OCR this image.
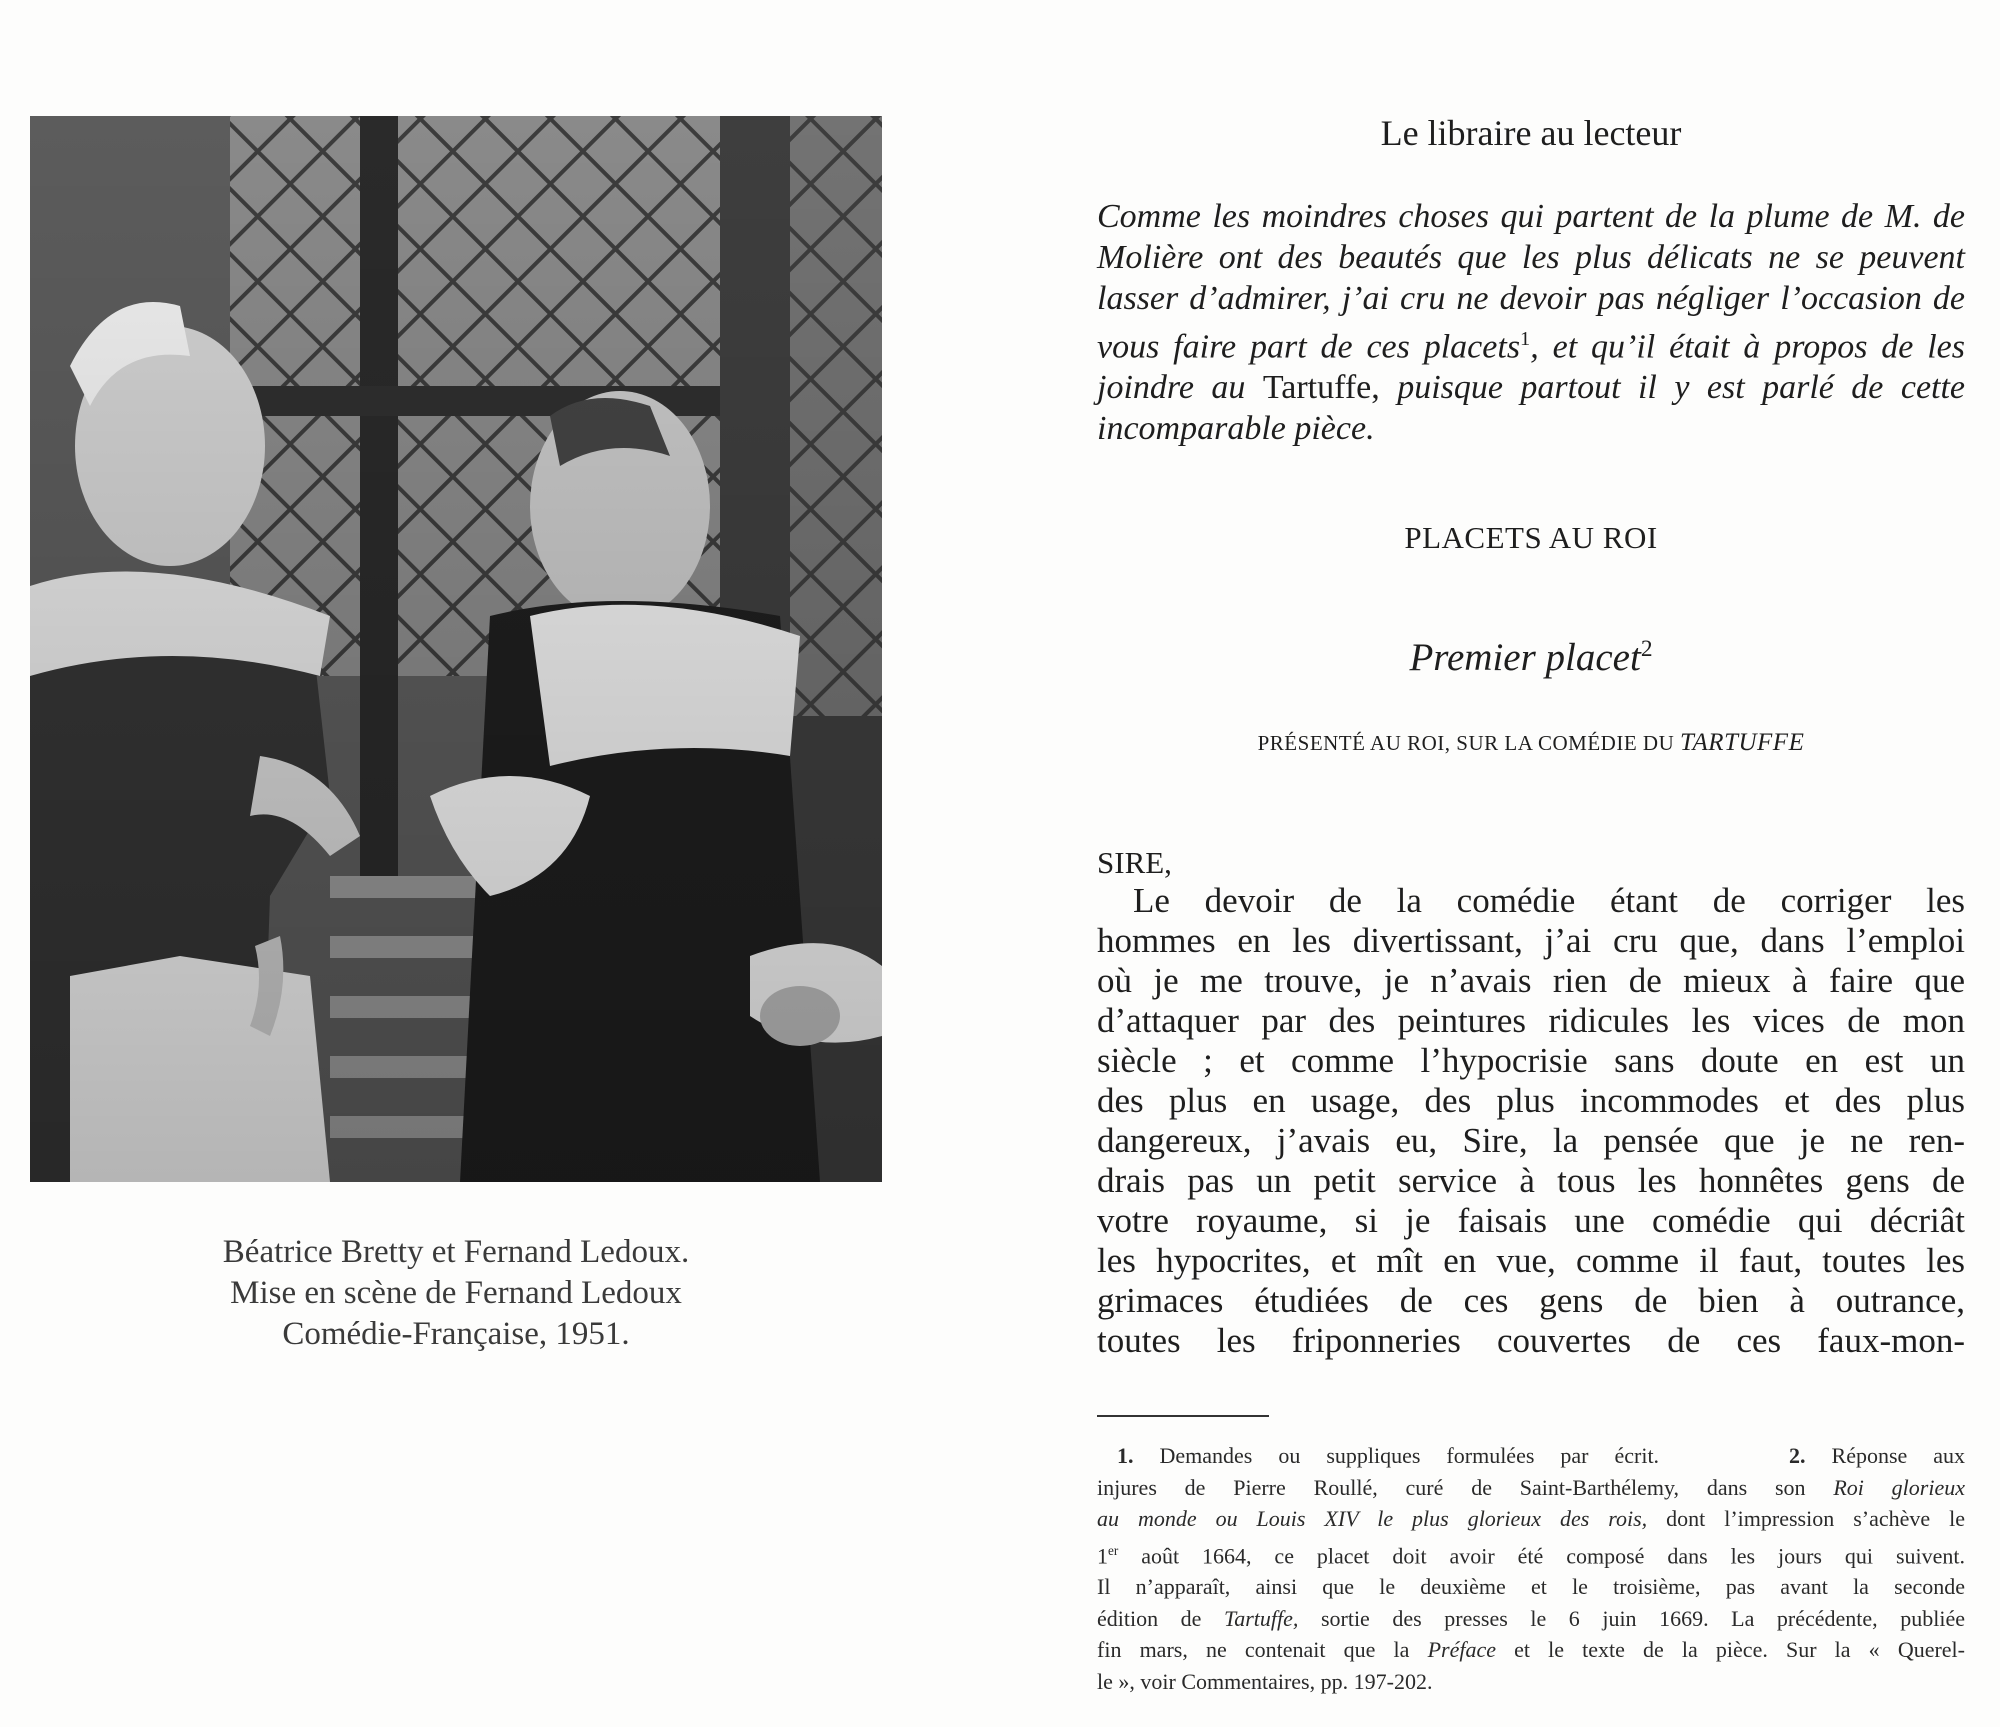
Béatrice Bretty et Fernand Ledoux.
Mise en scène de Fernand Ledoux
Comédie-Française, 1951.
Le libraire au lecteur
Comme les moindres choses qui partent de la plume de M. de Molière ont des beautés que les plus délicats ne se peuvent lasser d’admirer, j’ai cru ne devoir pas négliger l’occasion de vous faire part de ces placets$^1$, et qu’il était à propos de les joindre au Tartuffe, puisque partout il y est parlé de cette incomparable pièce.
PLACETS AU ROI
Premier placet$^2$
PRÉSENTÉ AU ROI, SUR LA COMÉDIE DU TARTUFFE
SIRE,
Le devoir de la comédie étant de corriger les
hommes en les divertissant, j’ai cru que, dans l’emploi
où je me trouve, je n’avais rien de mieux à faire que
d’attaquer par des peintures ridicules les vices de mon
siècle ; et comme l’hypocrisie sans doute en est un
des plus en usage, des plus incommodes et des plus
dangereux, j’avais eu, Sire, la pensée que je ne ren-
drais pas un petit service à tous les honnêtes gens de
votre royaume, si je faisais une comédie qui décriât
les hypocrites, et mît en vue, comme il faut, toutes les
grimaces étudiées de ces gens de bien à outrance,
toutes les friponneries couvertes de ces faux-mon-
1. Demandes ou suppliques formulées par écrit.	2. Réponse aux
injures de Pierre Roullé, curé de Saint-Barthélemy, dans son Roi glorieux
au monde ou Louis XIV le plus glorieux des rois, dont l’impression s’achève le
1er août 1664, ce placet doit avoir été composé dans les jours qui suivent.
Il n’apparaît, ainsi que le deuxième et le troisième, pas avant la seconde
édition de Tartuffe, sortie des presses le 6 juin 1669. La précédente, publiée
fin mars, ne contenait que la Préface et le texte de la pièce. Sur la « Querel-
le », voir Commentaires, pp. 197-202.
